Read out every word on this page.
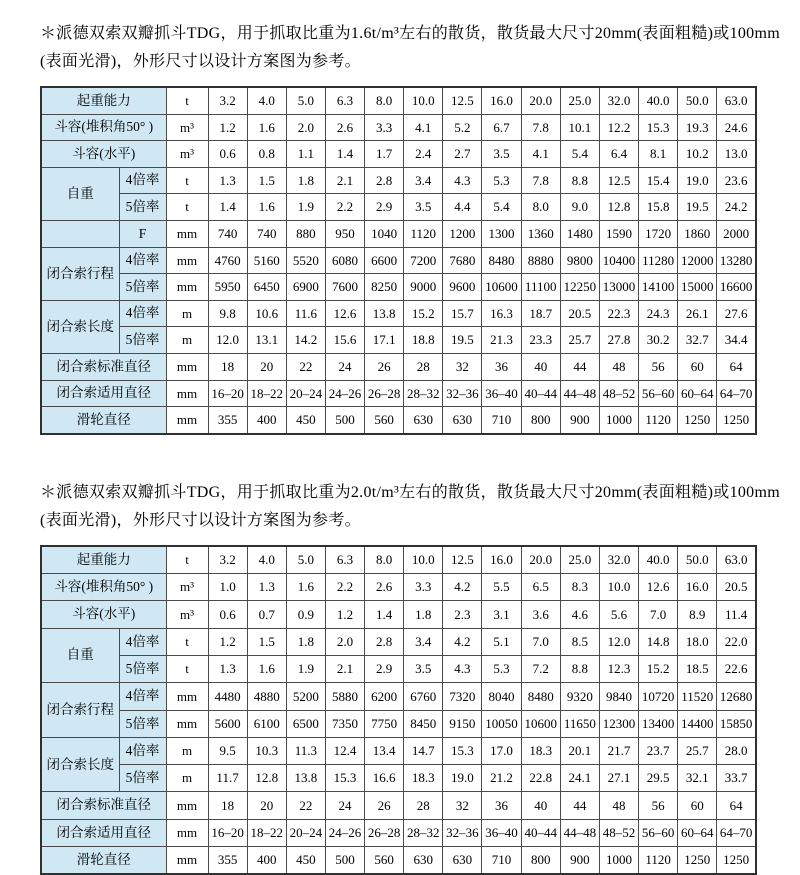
＊派德双索双瓣抓斗TDG，用于抓取比重为1.6t/m³左右的散货，散货最大尺寸20mm(表面粗糙)或100mm(表面光滑)，外形尺寸以设计方案图为参考。

起重能力		t	3.2	4.0	5.0	6.3	8.0	10.0	12.5	16.0	20.0	25.0	32.0	40.0	50.0	63.0
斗容(堆积角50° )		m³	1.2	1.6	2.0	2.6	3.3	4.1	5.2	6.7	7.8	10.1	12.2	15.3	19.3	24.6
斗容(水平)		m³	0.6	0.8	1.1	1.4	1.7	2.4	2.7	3.5	4.1	5.4	6.4	8.1	10.2	13.0
自重	4倍率	t	1.3	1.5	1.8	2.1	2.8	3.4	4.3	5.3	7.8	8.8	12.5	15.4	19.0	23.6
	5倍率	t	1.4	1.6	1.9	2.2	2.9	3.5	4.4	5.4	8.0	9.0	12.8	15.8	19.5	24.2
	F	mm	740	740	880	950	1040	1120	1200	1300	1360	1480	1590	1720	1860	2000
闭合索行程	4倍率	mm	4760	5160	5520	6080	6600	7200	7680	8480	8880	9800	10400	11280	12000	13280
	5倍率	mm	5950	6450	6900	7600	8250	9000	9600	10600	11100	12250	13000	14100	15000	16600
闭合索长度	4倍率	m	9.8	10.6	11.6	12.6	13.8	15.2	15.7	16.3	18.7	20.5	22.3	24.3	26.1	27.6
	5倍率	m	12.0	13.1	14.2	15.6	17.1	18.8	19.5	21.3	23.3	25.7	27.8	30.2	32.7	34.4
闭合索标准直径		mm	18	20	22	24	26	28	32	36	40	44	48	56	60	64
闭合索适用直径		mm	16–20	18–22	20–24	24–26	26–28	28–32	32–36	36–40	40–44	44–48	48–52	56–60	60–64	64–70
滑轮直径		mm	355	400	450	500	560	630	630	710	800	900	1000	1120	1250	1250

＊派德双索双瓣抓斗TDG，用于抓取比重为2.0t/m³左右的散货，散货最大尺寸20mm(表面粗糙)或100mm(表面光滑)，外形尺寸以设计方案图为参考。

起重能力		t	3.2	4.0	5.0	6.3	8.0	10.0	12.5	16.0	20.0	25.0	32.0	40.0	50.0	63.0
斗容(堆积角50° )		m³	1.0	1.3	1.6	2.2	2.6	3.3	4.2	5.5	6.5	8.3	10.0	12.6	16.0	20.5
斗容(水平)		m³	0.6	0.7	0.9	1.2	1.4	1.8	2.3	3.1	3.6	4.6	5.6	7.0	8.9	11.4
自重	4倍率	t	1.2	1.5	1.8	2.0	2.8	3.4	4.2	5.1	7.0	8.5	12.0	14.8	18.0	22.0
	5倍率	t	1.3	1.6	1.9	2.1	2.9	3.5	4.3	5.3	7.2	8.8	12.3	15.2	18.5	22.6
闭合索行程	4倍率	mm	4480	4880	5200	5880	6200	6760	7320	8040	8480	9320	9840	10720	11520	12680
	5倍率	mm	5600	6100	6500	7350	7750	8450	9150	10050	10600	11650	12300	13400	14400	15850
闭合索长度	4倍率	m	9.5	10.3	11.3	12.4	13.4	14.7	15.3	17.0	18.3	20.1	21.7	23.7	25.7	28.0
	5倍率	m	11.7	12.8	13.8	15.3	16.6	18.3	19.0	21.2	22.8	24.1	27.1	29.5	32.1	33.7
闭合索标准直径		mm	18	20	22	24	26	28	32	36	40	44	48	56	60	64
闭合索适用直径		mm	16–20	18–22	20–24	24–26	26–28	28–32	32–36	36–40	40–44	44–48	48–52	56–60	60–64	64–70
滑轮直径		mm	355	400	450	500	560	630	630	710	800	900	1000	1120	1250	1250
